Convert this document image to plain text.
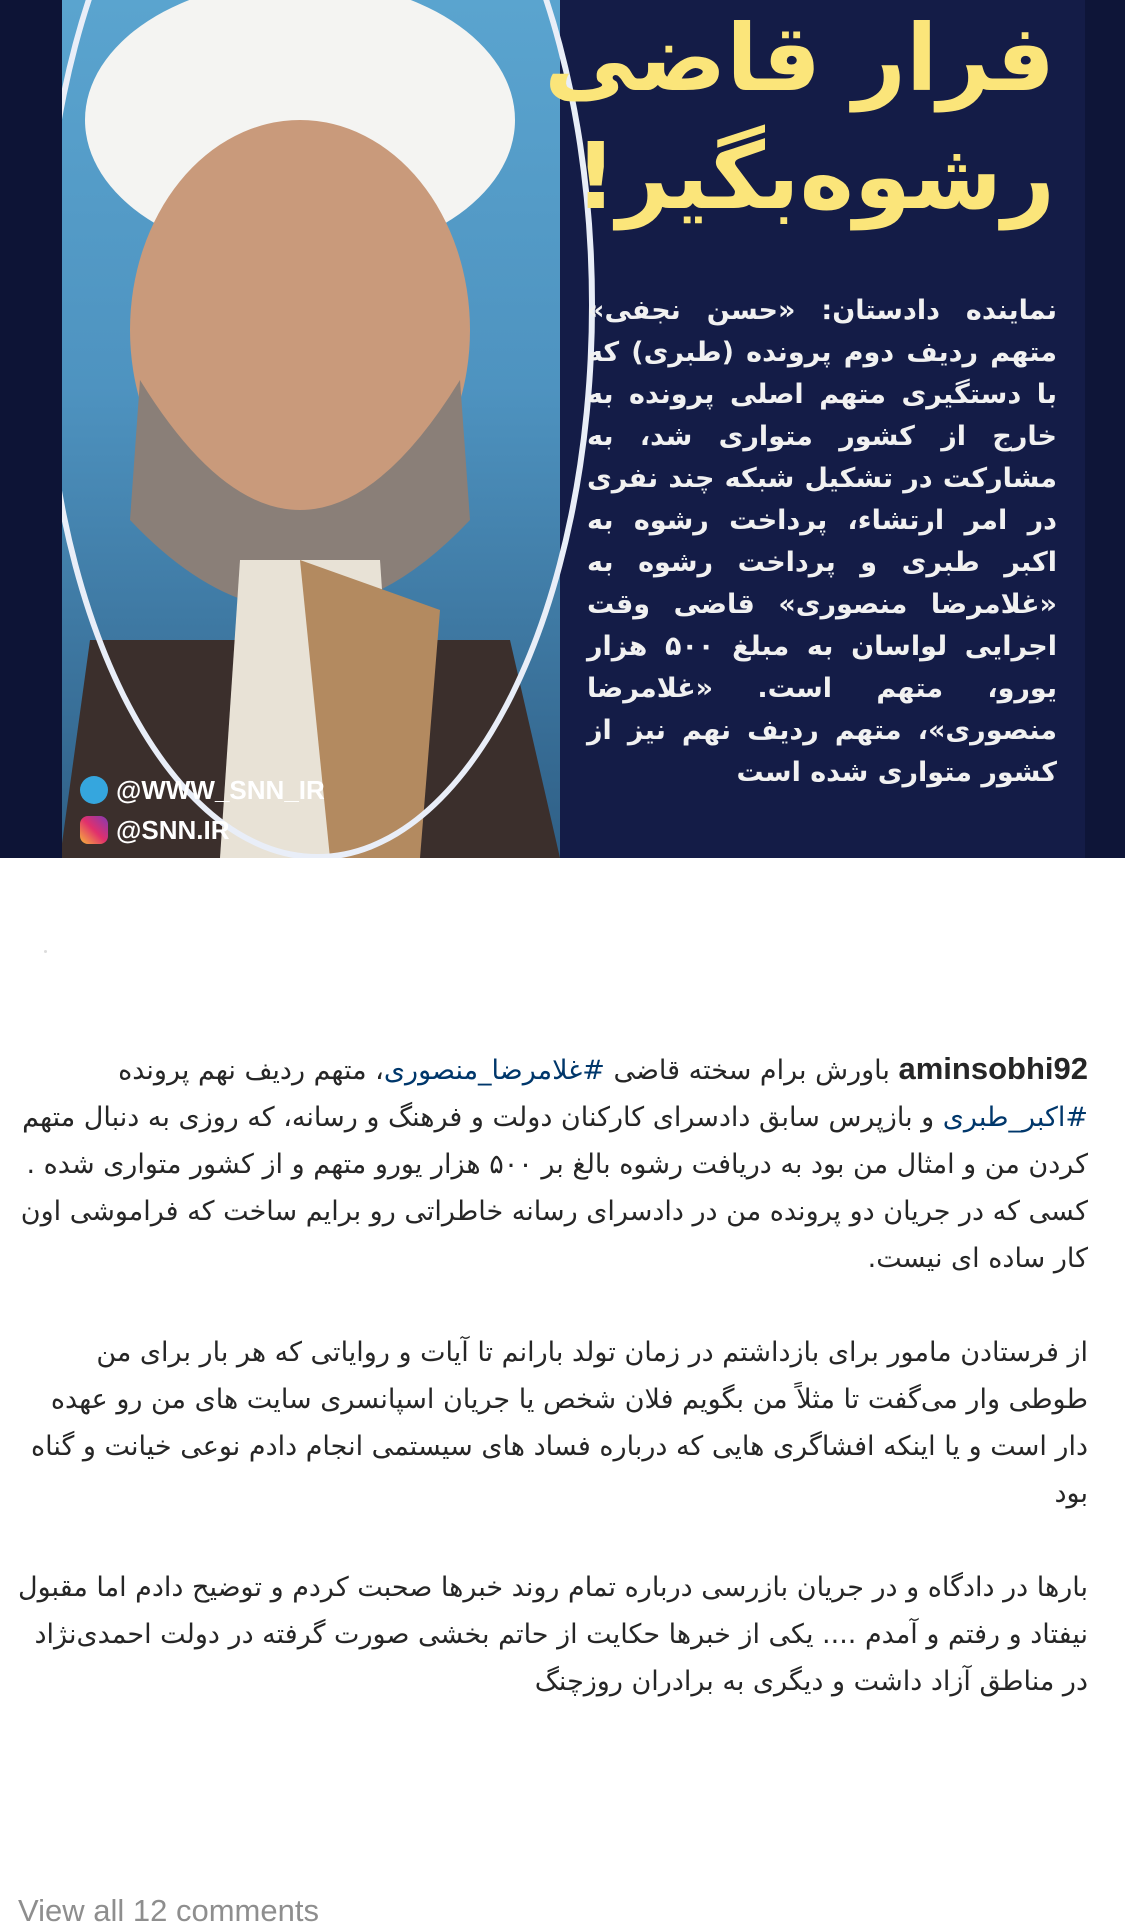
فرار قاضی
رشوه‌بگیر!
نماینده دادستان: «حسن نجفی» متهم ردیف دوم پرونده (طبری) که با دستگیری متهم اصلی پرونده به خارج از کشور متواری شد، به مشارکت در تشکیل شبکه چند نفری در امر ارتشاء، پرداخت رشوه به اکبر طبری و پرداخت رشوه به «غلامرضا منصوری» قاضی وقت اجرایی لواسان به مبلغ ۵۰۰ هزار یورو، متهم است. «غلامرضا منصوری»، متهم ردیف نهم نیز از کشور متواری شده است
@WWW_SNN_IR
@SNN.IR

aminsobhi92 باورش برام سخته قاضی #غلامرضا_منصوری، متهم ردیف نهم پرونده #اکبر_طبری و بازپرس سابق دادسرای کارکنان دولت و فرهنگ و رسانه، که روزی به دنبال متهم کردن من و امثال من بود به دریافت رشوه بالغ بر ۵۰۰ هزار یورو متهم و از کشور متواری شده . کسی که در جریان دو پرونده من در دادسرای رسانه خاطراتی رو برایم ساخت که فراموشی اون کار ساده ای نیست.

از فرستادن مامور برای بازداشتم در زمان تولد بارانم تا آیات و روایاتی که هر بار برای من طوطی وار می‌گفت تا مثلاً من بگویم فلان شخص یا جریان اسپانسری سایت های من رو عهده دار است و یا اینکه افشاگری هایی که درباره فساد های سیستمی انجام دادم نوعی خیانت و گناه بود

بارها در دادگاه و در جریان بازرسی درباره تمام روند خبرها صحبت کردم و توضیح دادم اما مقبول نیفتاد و رفتم و آمدم .... یکی از خبرها حکایت از حاتم بخشی صورت گرفته در دولت احمدی‌نژاد در مناطق آزاد داشت و دیگری به برادران روزچنگ

View all 12 comments
